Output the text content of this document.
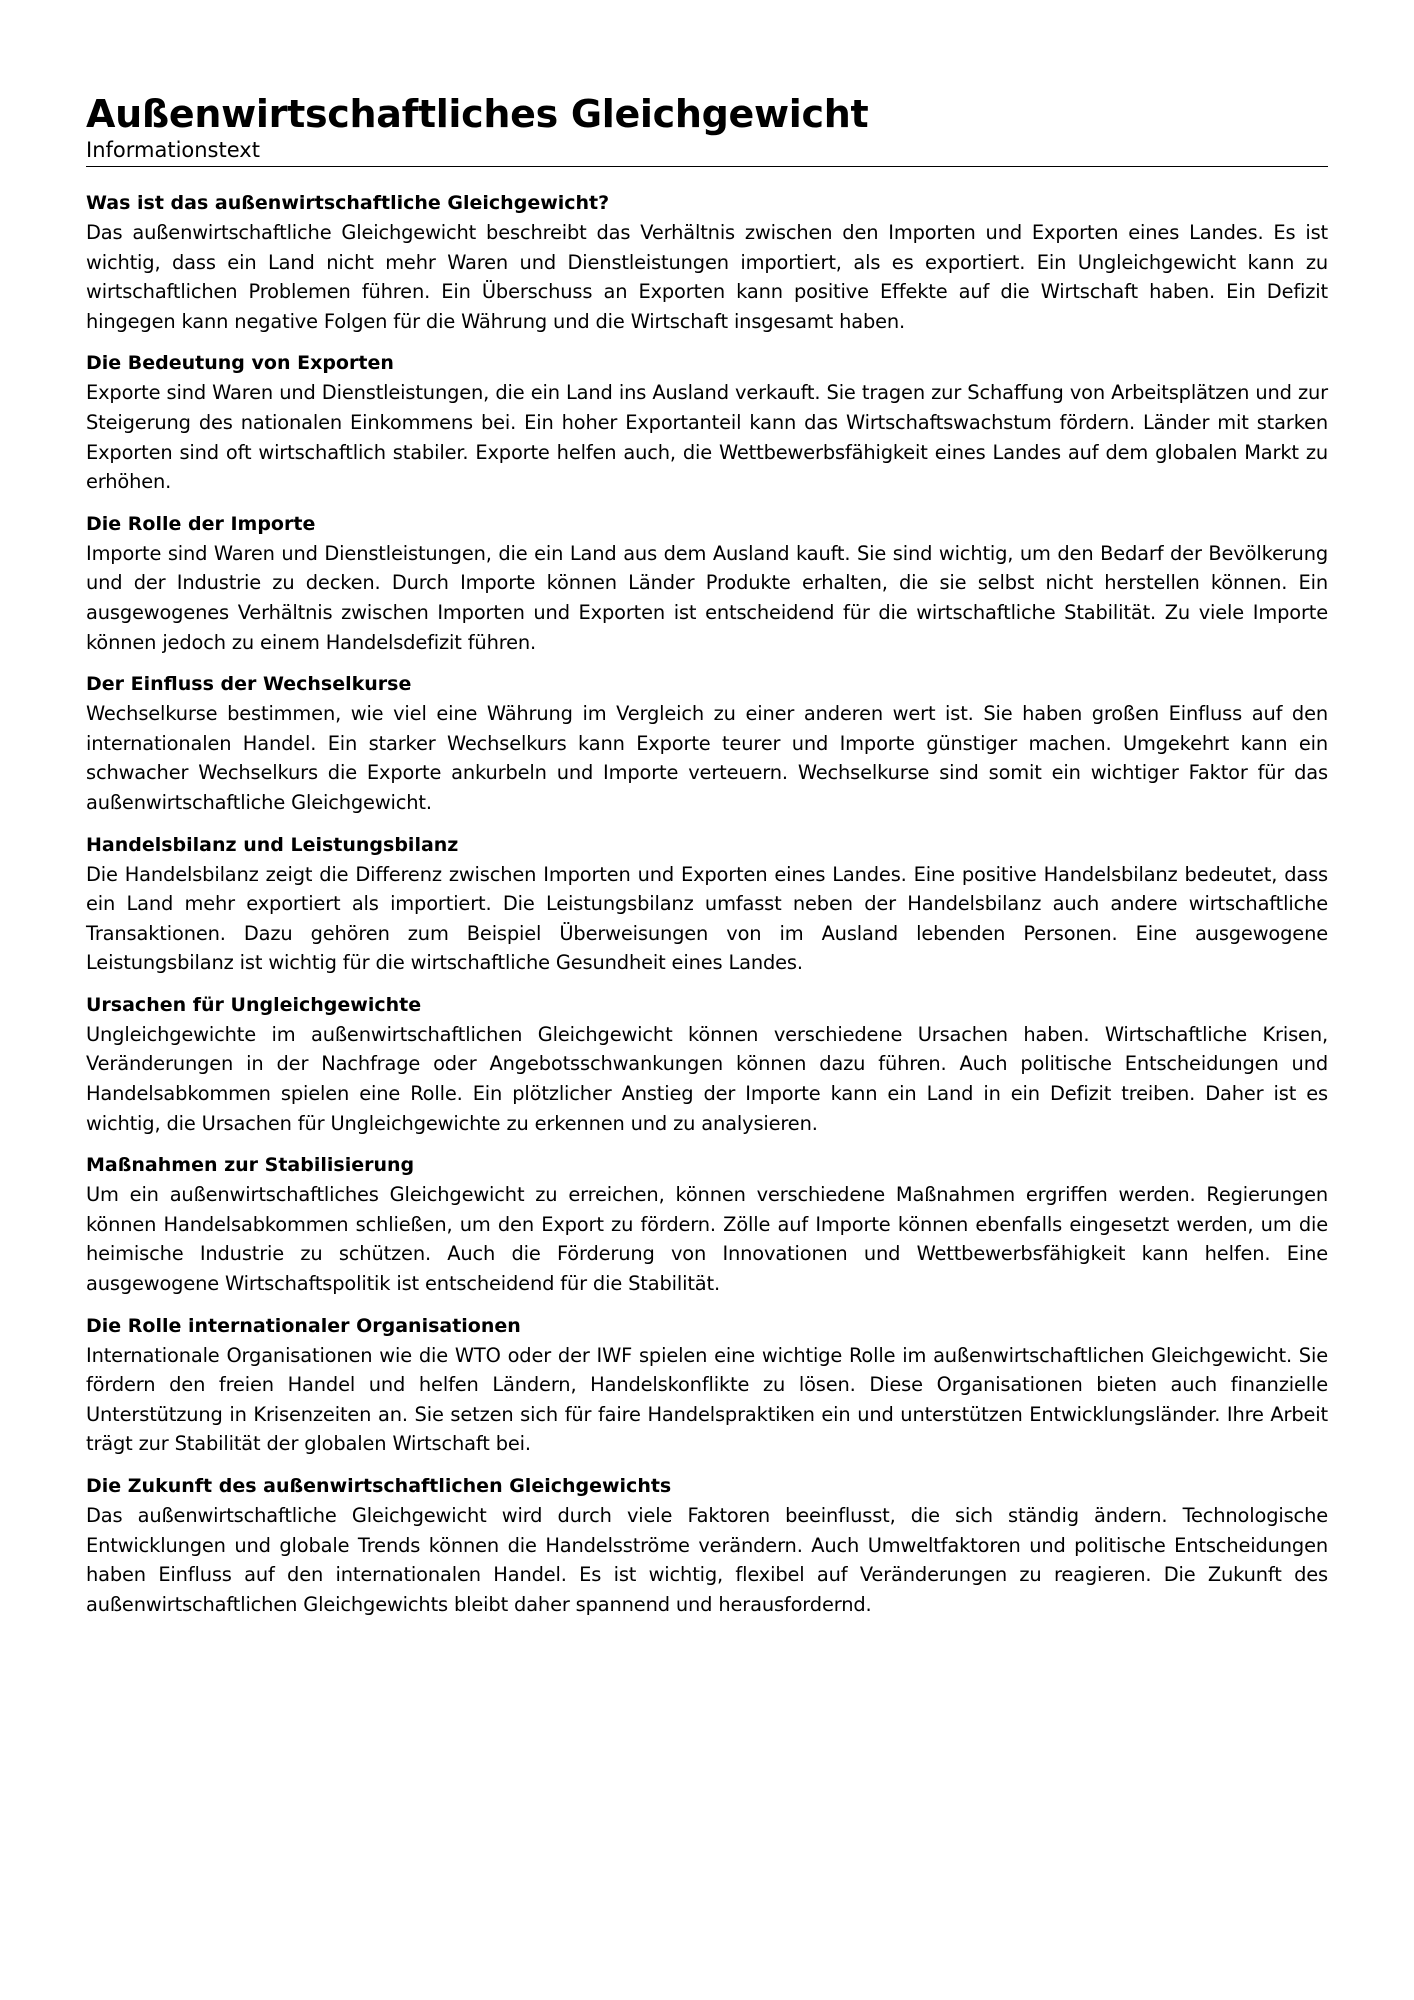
Außenwirtschaftliches Gleichgewicht

Informationstext

Was ist das außenwirtschaftliche Gleichgewicht?

Das außenwirtschaftliche Gleichgewicht beschreibt das Verhältnis zwischen den Importen und Exporten eines Landes. Es ist wichtig, dass ein Land nicht mehr Waren und Dienstleistungen importiert, als es exportiert. Ein Ungleichgewicht kann zu wirtschaftlichen Problemen führen. Ein Überschuss an Exporten kann positive Effekte auf die Wirtschaft haben. Ein Defizit hingegen kann negative Folgen für die Währung und die Wirtschaft insgesamt haben.

Die Bedeutung von Exporten

Exporte sind Waren und Dienstleistungen, die ein Land ins Ausland verkauft. Sie tragen zur Schaffung von Arbeitsplätzen und zur Steigerung des nationalen Einkommens bei. Ein hoher Exportanteil kann das Wirtschaftswachstum fördern. Länder mit starken Exporten sind oft wirtschaftlich stabiler. Exporte helfen auch, die Wettbewerbsfähigkeit eines Landes auf dem globalen Markt zu erhöhen.

Die Rolle der Importe

Importe sind Waren und Dienstleistungen, die ein Land aus dem Ausland kauft. Sie sind wichtig, um den Bedarf der Bevölkerung und der Industrie zu decken. Durch Importe können Länder Produkte erhalten, die sie selbst nicht herstellen können. Ein ausgewogenes Verhältnis zwischen Importen und Exporten ist entscheidend für die wirtschaftliche Stabilität. Zu viele Importe können jedoch zu einem Handelsdefizit führen.

Der Einfluss der Wechselkurse

Wechselkurse bestimmen, wie viel eine Währung im Vergleich zu einer anderen wert ist. Sie haben großen Einfluss auf den internationalen Handel. Ein starker Wechselkurs kann Exporte teurer und Importe günstiger machen. Umgekehrt kann ein schwacher Wechselkurs die Exporte ankurbeln und Importe verteuern. Wechselkurse sind somit ein wichtiger Faktor für das außenwirtschaftliche Gleichgewicht.

Handelsbilanz und Leistungsbilanz

Die Handelsbilanz zeigt die Differenz zwischen Importen und Exporten eines Landes. Eine positive Handelsbilanz bedeutet, dass ein Land mehr exportiert als importiert. Die Leistungsbilanz umfasst neben der Handelsbilanz auch andere wirtschaftliche Transaktionen. Dazu gehören zum Beispiel Überweisungen von im Ausland lebenden Personen. Eine ausgewogene Leistungsbilanz ist wichtig für die wirtschaftliche Gesundheit eines Landes.

Ursachen für Ungleichgewichte

Ungleichgewichte im außenwirtschaftlichen Gleichgewicht können verschiedene Ursachen haben. Wirtschaftliche Krisen, Veränderungen in der Nachfrage oder Angebotsschwankungen können dazu führen. Auch politische Entscheidungen und Handelsabkommen spielen eine Rolle. Ein plötzlicher Anstieg der Importe kann ein Land in ein Defizit treiben. Daher ist es wichtig, die Ursachen für Ungleichgewichte zu erkennen und zu analysieren.

Maßnahmen zur Stabilisierung

Um ein außenwirtschaftliches Gleichgewicht zu erreichen, können verschiedene Maßnahmen ergriffen werden. Regierungen können Handelsabkommen schließen, um den Export zu fördern. Zölle auf Importe können ebenfalls eingesetzt werden, um die heimische Industrie zu schützen. Auch die Förderung von Innovationen und Wettbewerbsfähigkeit kann helfen. Eine ausgewogene Wirtschaftspolitik ist entscheidend für die Stabilität.

Die Rolle internationaler Organisationen

Internationale Organisationen wie die WTO oder der IWF spielen eine wichtige Rolle im außenwirtschaftlichen Gleichgewicht. Sie fördern den freien Handel und helfen Ländern, Handelskonflikte zu lösen. Diese Organisationen bieten auch finanzielle Unterstützung in Krisenzeiten an. Sie setzen sich für faire Handelspraktiken ein und unterstützen Entwicklungsländer. Ihre Arbeit trägt zur Stabilität der globalen Wirtschaft bei.

Die Zukunft des außenwirtschaftlichen Gleichgewichts

Das außenwirtschaftliche Gleichgewicht wird durch viele Faktoren beeinflusst, die sich ständig ändern. Technologische Entwicklungen und globale Trends können die Handelsströme verändern. Auch Umweltfaktoren und politische Entscheidungen haben Einfluss auf den internationalen Handel. Es ist wichtig, flexibel auf Veränderungen zu reagieren. Die Zukunft des außenwirtschaftlichen Gleichgewichts bleibt daher spannend und herausfordernd.
